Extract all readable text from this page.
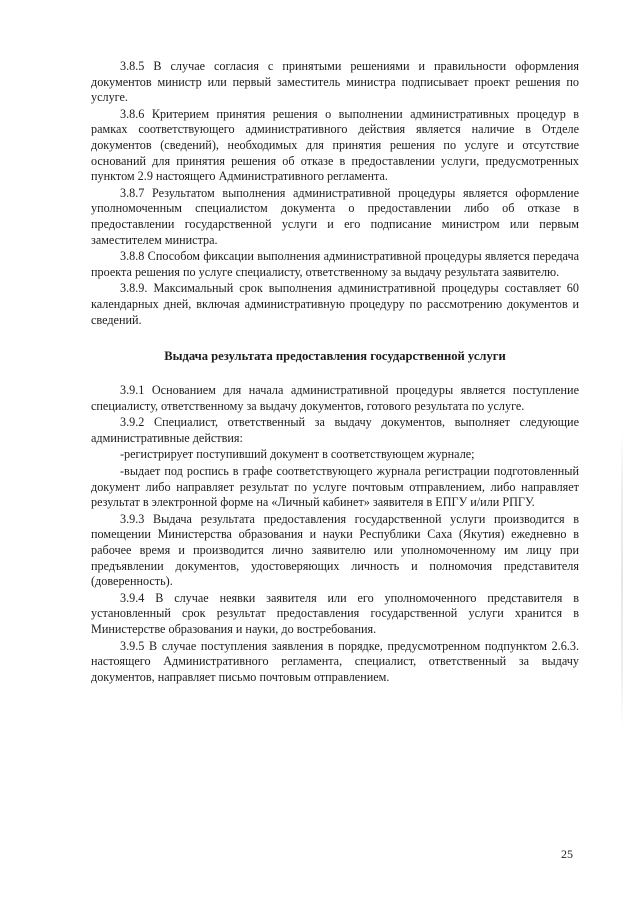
3.8.5 В случае согласия с принятыми решениями и правильности оформления документов министр или первый заместитель министра подписывает проект решения по услуге.

3.8.6 Критерием принятия решения о выполнении административных процедур в рамках соответствующего административного действия является наличие в Отделе документов (сведений), необходимых для принятия решения по услуге и отсутствие оснований для принятия решения об отказе в предоставлении услуги, предусмотренных пунктом 2.9 настоящего Административного регламента.

3.8.7 Результатом выполнения административной процедуры является оформление уполномоченным специалистом документа о предоставлении либо об отказе в предоставлении государственной услуги и его подписание министром или первым заместителем министра.

3.8.8 Способом фиксации выполнения административной процедуры является передача проекта решения по услуге специалисту, ответственному за выдачу результата заявителю.

3.8.9. Максимальный срок выполнения административной процедуры составляет 60 календарных дней, включая административную процедуру по рассмотрению документов и сведений.

Выдача результата предоставления государственной услуги

3.9.1 Основанием для начала административной процедуры является поступление специалисту, ответственному за выдачу документов, готового результата по услуге.

3.9.2 Специалист, ответственный за выдачу документов, выполняет следующие административные действия:

-регистрирует поступивший документ в соответствующем журнале;

-выдает под роспись в графе соответствующего журнала регистрации подготовленный документ либо направляет результат по услуге почтовым отправлением, либо направляет результат в электронной форме на «Личный кабинет» заявителя в ЕПГУ и/или РПГУ.

3.9.3 Выдача результата предоставления государственной услуги производится в помещении Министерства образования и науки Республики Саха (Якутия) ежедневно в рабочее время и производится лично заявителю или уполномоченному им лицу при предъявлении документов, удостоверяющих личность и полномочия представителя (доверенность).

3.9.4 В случае неявки заявителя или его уполномоченного представителя в установленный срок результат предоставления государственной услуги хранится в Министерстве образования и науки, до востребования.

3.9.5 В случае поступления заявления в порядке, предусмотренном подпунктом 2.6.3. настоящего Административного регламента, специалист, ответственный за выдачу документов, направляет письмо почтовым отправлением.

25
